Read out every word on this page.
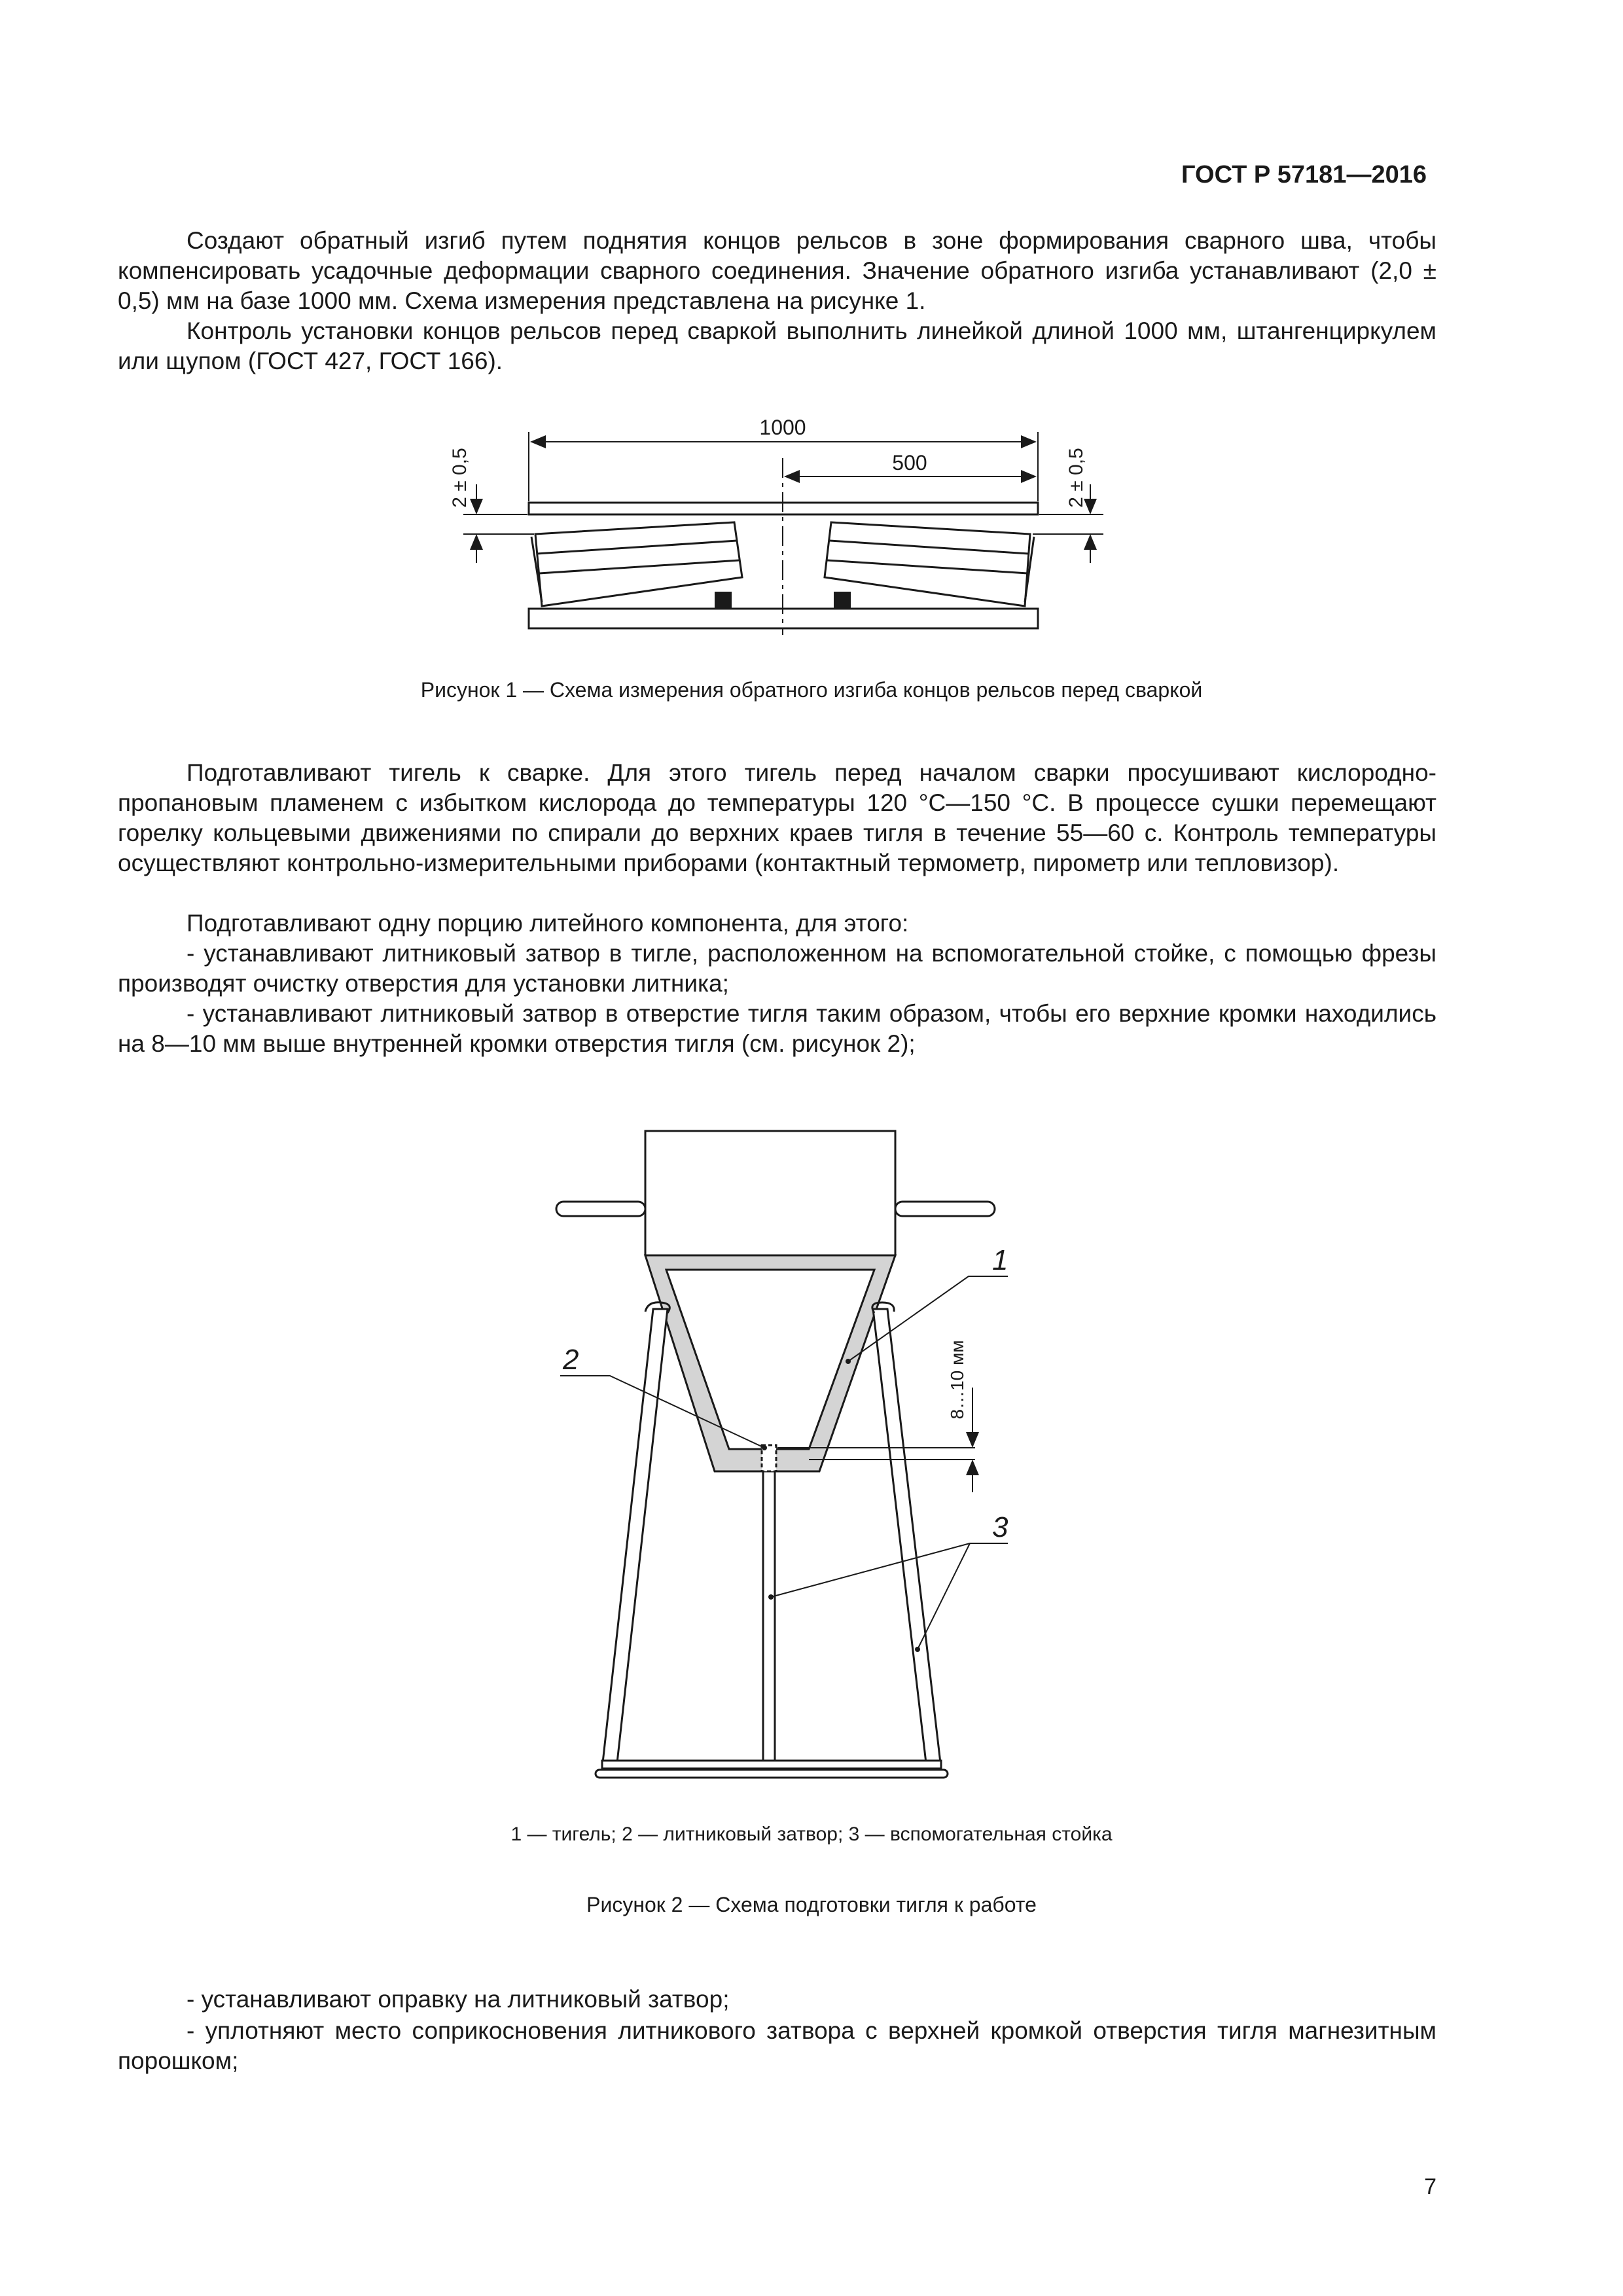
ГОСТ Р 57181—2016

Создают обратный изгиб путем поднятия концов рельсов в зоне формирования сварного шва, чтобы компенсировать усадочные деформации сварного соединения. Значение обратного изгиба устанавливают (2,0 ± 0,5) мм на базе 1000 мм. Схема измерения представлена на рисунке 1.

Контроль установки концов рельсов перед сваркой выполнить линейкой длиной 1000 мм, штангенциркулем или щупом (ГОСТ 427, ГОСТ 166).

1000
500
2 ± 0,5	2 ± 0,5
Рисунок 1 — Схема измерения обратного изгиба концов рельсов перед сваркой

Подготавливают тигель к сварке. Для этого тигель перед началом сварки просушивают кислородно-пропановым пламенем с избытком кислорода до температуры 120 °С—150 °С. В процессе сушки перемещают горелку кольцевыми движениями по спирали до верхних краев тигля в течение 55—60 с. Контроль температуры осуществляют контрольно-измерительными приборами (контактный термометр, пирометр или тепловизор).

Подготавливают одну порцию литейного компонента, для этого:

- устанавливают литниковый затвор в тигле, расположенном на вспомогательной стойке, с помощью фрезы производят очистку отверстия для установки литника;

- устанавливают литниковый затвор в отверстие тигля таким образом, чтобы его верхние кромки находились на 8—10 мм выше внутренней кромки отверстия тигля (см. рисунок 2);

1
2
3
8…10 мм
1 — тигель; 2 — литниковый затвор; 3 — вспомогательная стойка
Рисунок 2 — Схема подготовки тигля к работе

- устанавливают оправку на литниковый затвор;

- уплотняют место соприкосновения литникового затвора с верхней кромкой отверстия тигля магнезитным порошком;

7
